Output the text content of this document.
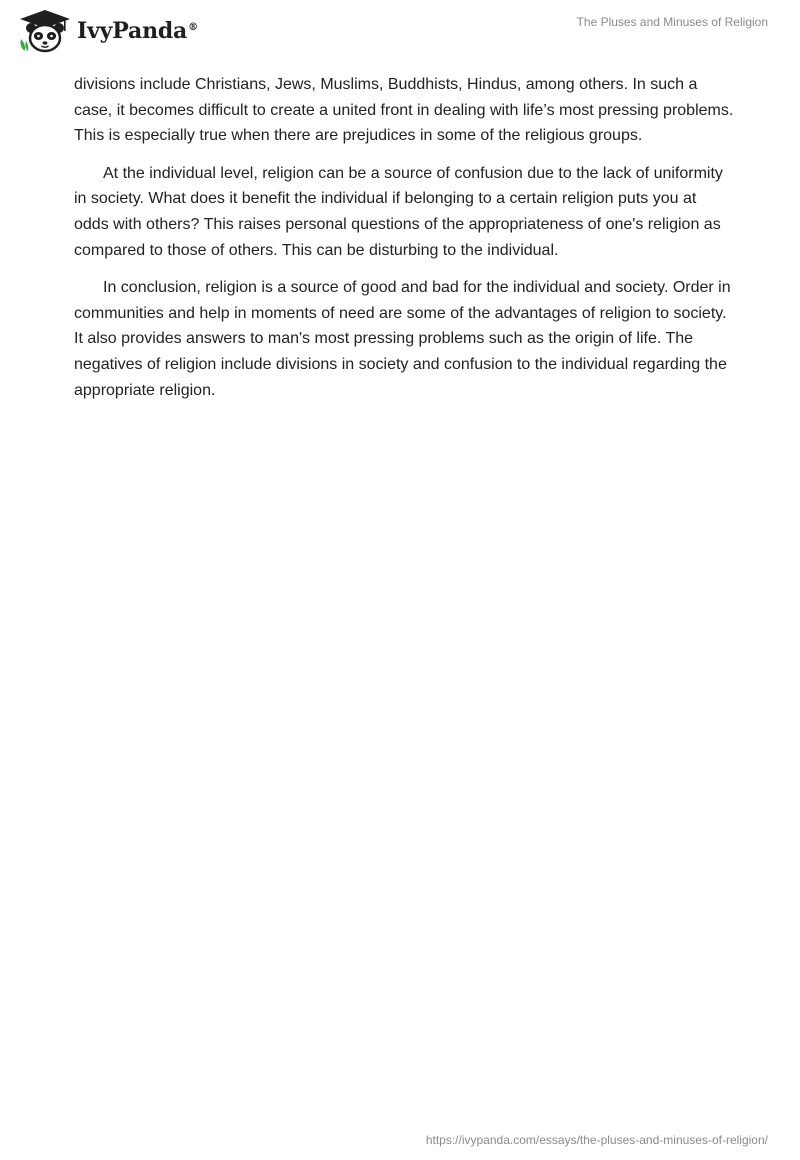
IvyPanda®	The Pluses and Minuses of Religion

divisions include Christians, Jews, Muslims, Buddhists, Hindus, among others. In such a case, it becomes difficult to create a united front in dealing with life’s most pressing problems. This is especially true when there are prejudices in some of the religious groups.

At the individual level, religion can be a source of confusion due to the lack of uniformity in society. What does it benefit the individual if belonging to a certain religion puts you at odds with others? This raises personal questions of the appropriateness of one's religion as compared to those of others. This can be disturbing to the individual.

In conclusion, religion is a source of good and bad for the individual and society. Order in communities and help in moments of need are some of the advantages of religion to society. It also provides answers to man's most pressing problems such as the origin of life. The negatives of religion include divisions in society and confusion to the individual regarding the appropriate religion.

https://ivypanda.com/essays/the-pluses-and-minuses-of-religion/
